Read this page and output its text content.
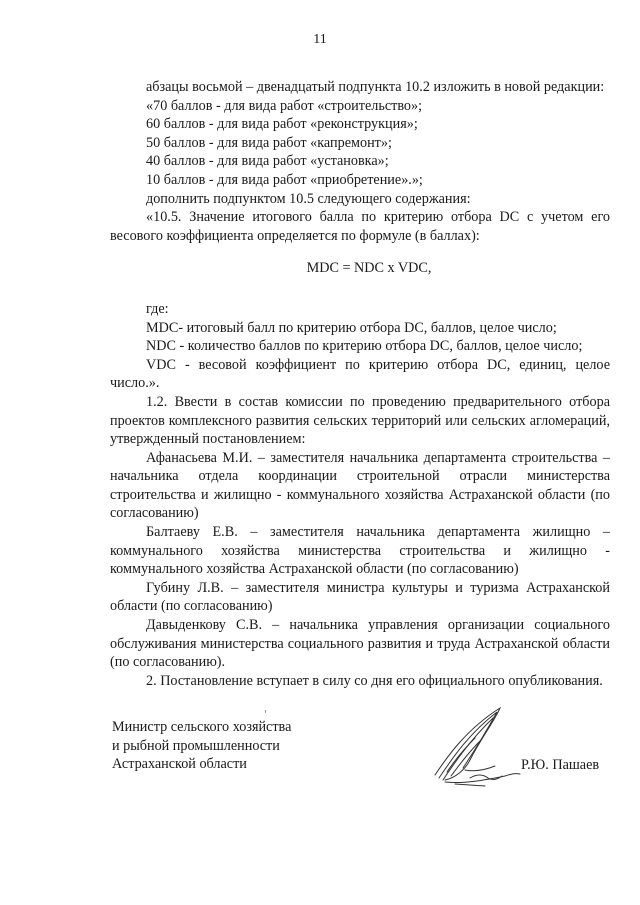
11

абзацы восьмой – двенадцатый подпункта 10.2 изложить в новой редакции:

«70 баллов - для вида работ «строительство»;

60 баллов - для вида работ «реконструкция»;

50 баллов - для вида работ «капремонт»;

40 баллов - для вида работ «установка»;

10 баллов - для вида работ «приобретение».»;

дополнить подпунктом 10.5 следующего содержания:

«10.5. Значение итогового балла по критерию отбора DC с учетом его весового коэффициента определяется по формуле (в баллах):

MDC = NDC x VDC,

где:

MDC- итоговый балл по критерию отбора DC, баллов, целое число;

NDC - количество баллов по критерию отбора DC, баллов, целое число;

VDC - весовой коэффициент по критерию отбора DC, единиц, целое число.».

1.2. Ввести в состав комиссии по проведению предварительного отбора проектов комплексного развития сельских территорий или сельских агломераций, утвержденный постановлением:

Афанасьева М.И. – заместителя начальника департамента строительства – начальника отдела координации строительной отрасли министерства строительства и жилищно - коммунального хозяйства Астраханской области (по согласованию)

Балтаеву Е.В. – заместителя начальника департамента жилищно – коммунального хозяйства министерства строительства и жилищно - коммунального хозяйства Астраханской области (по согласованию)

Губину Л.В. – заместителя министра культуры и туризма Астраханской области (по согласованию)

Давыденкову С.В. – начальника управления организации социального обслуживания министерства социального развития и труда Астраханской области (по согласованию).

2. Постановление вступает в силу со дня его официального опубликования.

Министр сельского хозяйства
и рыбной промышленности
Астраханской области	Р.Ю. Пашаев
